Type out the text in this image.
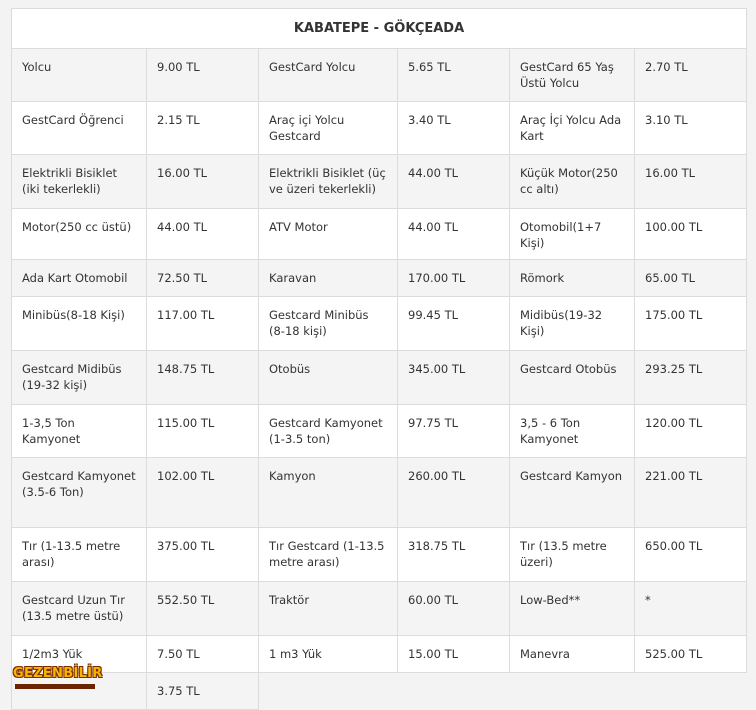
KABATEPE - GÖKÇEADA					
Yolcu	9.00 TL	GestCard Yolcu	5.65 TL	GestCard 65 Yaş Üstü Yolcu	2.70 TL
GestCard Öğrenci	2.15 TL	Araç içi Yolcu Gestcard	3.40 TL	Araç İçi Yolcu Ada Kart	3.10 TL
Elektrikli Bisiklet (iki tekerlekli)	16.00 TL	Elektrikli Bisiklet (üç ve üzeri tekerlekli)	44.00 TL	Küçük Motor(250 cc altı)	16.00 TL
Motor(250 cc üstü)	44.00 TL	ATV Motor	44.00 TL	Otomobil(1+7 Kişi)	100.00 TL
Ada Kart Otomobil	72.50 TL	Karavan	170.00 TL	Römork	65.00 TL
Minibüs(8-18 Kişi)	117.00 TL	Gestcard Minibüs (8-18 kişi)	99.45 TL	Midibüs(19-32 Kişi)	175.00 TL
Gestcard Midibüs (19-32 kişi)	148.75 TL	Otobüs	345.00 TL	Gestcard Otobüs	293.25 TL
1-3,5 Ton Kamyonet	115.00 TL	Gestcard Kamyonet (1-3.5 ton)	97.75 TL	3,5 - 6 Ton Kamyonet	120.00 TL
Gestcard Kamyonet (3.5-6 Ton)	102.00 TL	Kamyon	260.00 TL	Gestcard Kamyon	221.00 TL
Tır (1-13.5 metre arası)	375.00 TL	Tır Gestcard (1-13.5 metre arası)	318.75 TL	Tır (13.5 metre üzeri)	650.00 TL
Gestcard Uzun Tır (13.5 metre üstü)	552.50 TL	Traktör	60.00 TL	Low-Bed**	*
1/2m3 Yük	7.50 TL	1 m3 Yük	15.00 TL	Manevra	525.00 TL
	3.75 TL				
GEZENBİLİR
